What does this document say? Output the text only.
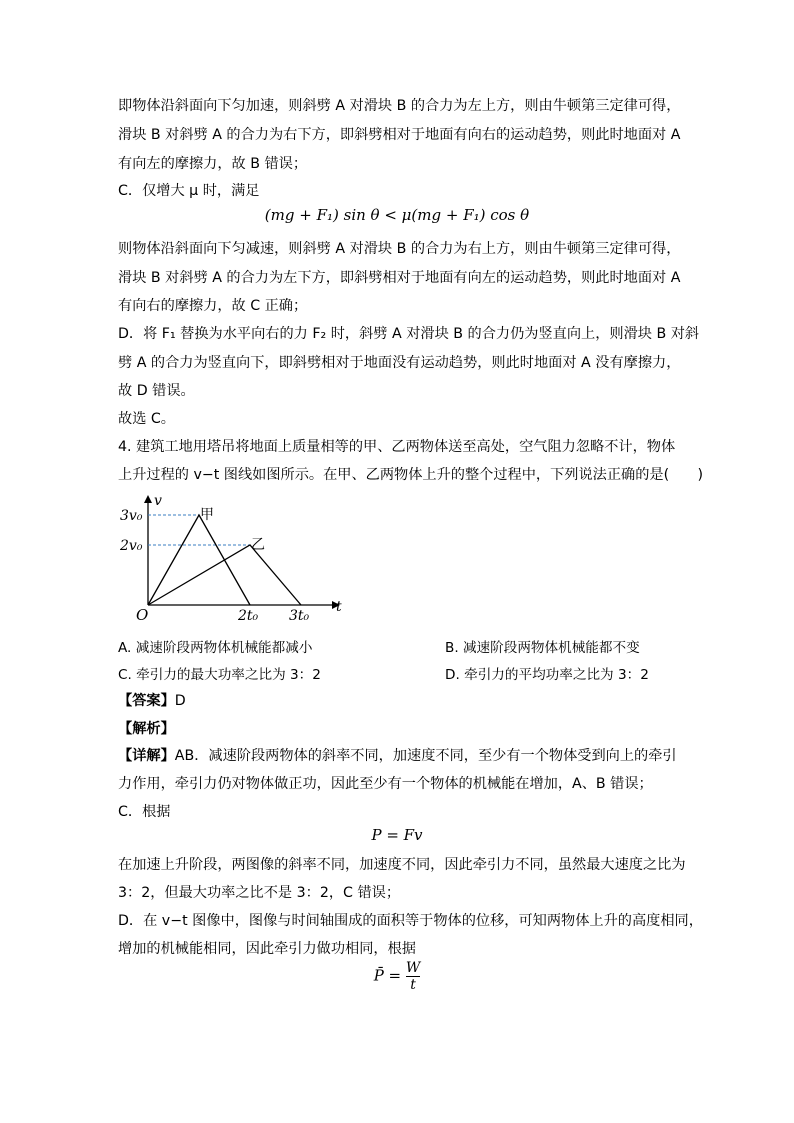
即物体沿斜面向下匀加速，则斜劈 A 对滑块 B 的合力为左上方，则由牛顿第三定律可得，
滑块 B 对斜劈 A 的合力为右下方，即斜劈相对于地面有向右的运动趋势，则此时地面对 A
有向左的摩擦力，故 B 错误；
C．仅增大 μ 时，满足
(mg + F₁) sin θ < μ(mg + F₁) cos θ
则物体沿斜面向下匀减速，则斜劈 A 对滑块 B 的合力为右上方，则由牛顿第三定律可得，
滑块 B 对斜劈 A 的合力为左下方，即斜劈相对于地面有向左的运动趋势，则此时地面对 A
有向右的摩擦力，故 C 正确；
D．将 F₁ 替换为水平向右的力 F₂ 时，斜劈 A 对滑块 B 的合力仍为竖直向上，则滑块 B 对斜
劈 A 的合力为竖直向下，即斜劈相对于地面没有运动趋势，则此时地面对 A 没有摩擦力，
故 D 错误。
故选 C。
4. 建筑工地用塔吊将地面上质量相等的甲、乙两物体送至高处，空气阻力忽略不计，物体
上升过程的 v−t 图线如图所示。在甲、乙两物体上升的整个过程中，下列说法正确的是(　　)
v
t
O
3v₀
2v₀
2t₀ 3t₀
甲
乙
A. 减速阶段两物体机械能都减小	B. 减速阶段两物体机械能都不变
C. 牵引力的最大功率之比为 3：2	D. 牵引力的平均功率之比为 3：2
【答案】D
【解析】
【详解】AB．减速阶段两物体的斜率不同，加速度不同，至少有一个物体受到向上的牵引
力作用，牵引力仍对物体做正功，因此至少有一个物体的机械能在增加，A、B 错误；
C．根据
P = Fv
在加速上升阶段，两图像的斜率不同，加速度不同，因此牵引力不同，虽然最大速度之比为
3：2，但最大功率之比不是 3：2，C 错误；
D．在 v−t 图像中，图像与时间轴围成的面积等于物体的位移，可知两物体上升的高度相同，
增加的机械能相同，因此牵引力做功相同，根据
P̄ = $\frac{W}{t}$
